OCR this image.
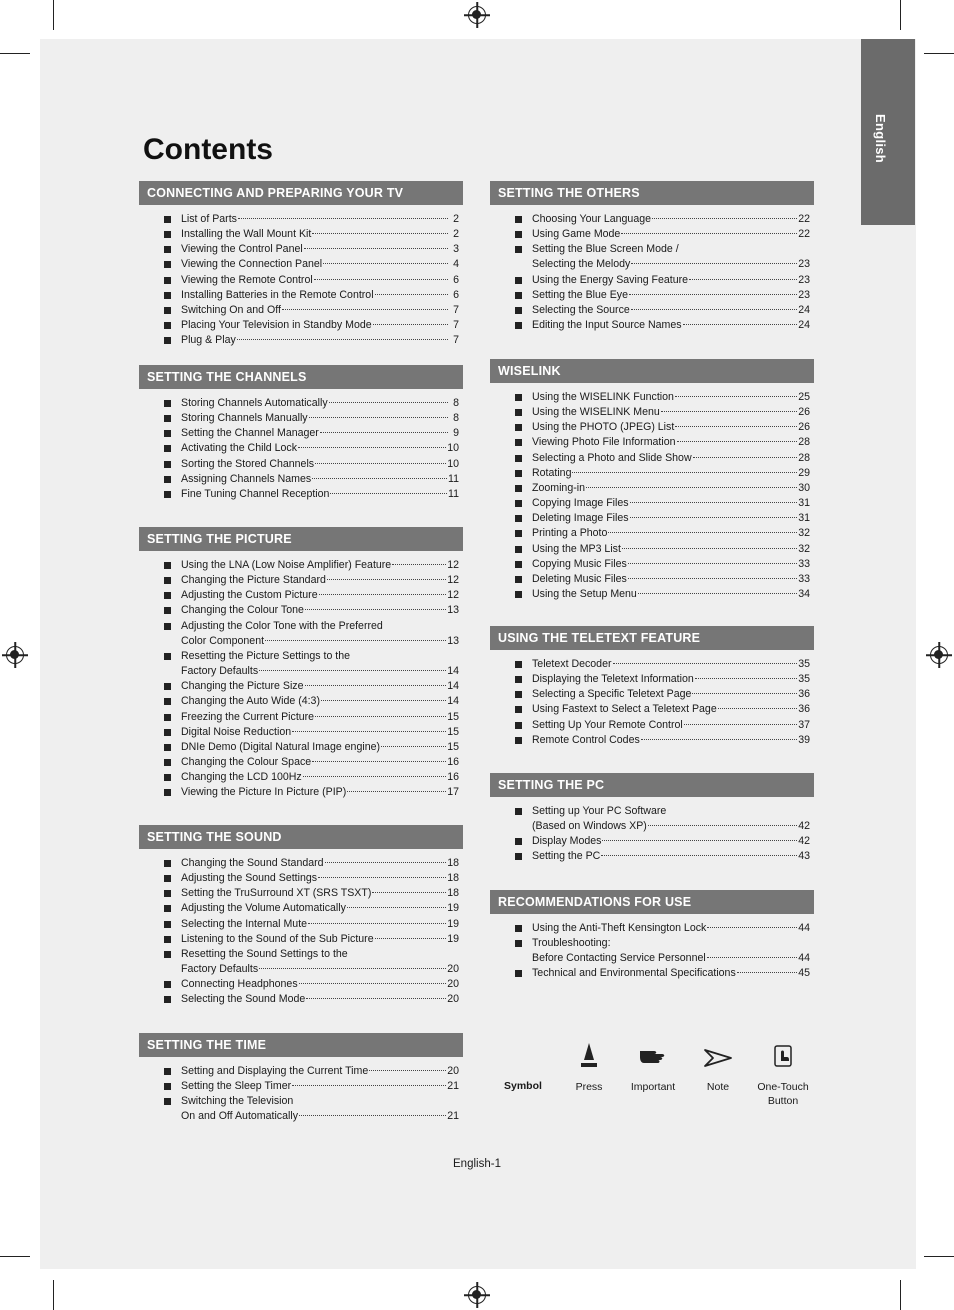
English
Contents
CONNECTING AND PREPARING YOUR TV
List of Parts	2
Installing the Wall Mount Kit	2
Viewing the Control Panel	3
Viewing the Connection Panel	4
Viewing the Remote Control	6
Installing Batteries in the Remote Control	6
Switching On and Off	7
Placing Your Television in Standby Mode	7
Plug & Play	7
SETTING THE CHANNELS
Storing Channels Automatically	8
Storing Channels Manually	8
Setting the Channel Manager	9
Activating the Child Lock	10
Sorting the Stored Channels	10
Assigning Channels Names	11
Fine Tuning Channel Reception	11
SETTING THE PICTURE
Using the LNA (Low Noise Amplifier) Feature	12
Changing the Picture Standard	12
Adjusting the Custom Picture	12
Changing the Colour Tone	13
Adjusting the Color Tone with the Preferred
Color Component	13
Resetting the Picture Settings to the
Factory Defaults	14
Changing the Picture Size	14
Changing the Auto Wide (4:3)	14
Freezing the Current Picture	15
Digital Noise Reduction	15
DNIe Demo (Digital Natural Image engine)	15
Changing the Colour Space	16
Changing the LCD 100Hz	16
Viewing the Picture In Picture (PIP)	17
SETTING THE SOUND
Changing the Sound Standard	18
Adjusting the Sound Settings	18
Setting the TruSurround XT (SRS TSXT)	18
Adjusting the Volume Automatically	19
Selecting the Internal Mute	19
Listening to the Sound of the Sub Picture	19
Resetting the Sound Settings to the
Factory Defaults	20
Connecting Headphones	20
Selecting the Sound Mode	20
SETTING THE TIME
Setting and Displaying the Current Time	20
Setting the Sleep Timer	21
Switching the Television
On and Off Automatically	21
SETTING THE OTHERS
Choosing Your Language	22
Using Game Mode	22
Setting the Blue Screen Mode /
Selecting the Melody	23
Using the Energy Saving Feature	23
Setting the Blue Eye	23
Selecting the Source	24
Editing the Input Source Names	24
WISELINK
Using the WISELINK Function	25
Using the WISELINK Menu	26
Using the PHOTO (JPEG) List	26
Viewing Photo File Information	28
Selecting a Photo and Slide Show	28
Rotating	29
Zooming-in	30
Copying Image Files	31
Deleting Image Files	31
Printing a Photo	32
Using the MP3 List	32
Copying Music Files	33
Deleting Music Files	33
Using the Setup Menu	34
USING THE TELETEXT FEATURE
Teletext Decoder	35
Displaying the Teletext Information	35
Selecting a Specific Teletext Page	36
Using Fastext to Select a Teletext Page	36
Setting Up Your Remote Control	37
Remote Control Codes	39
SETTING THE PC
Setting up Your PC Software
(Based on Windows XP)	42
Display Modes	42
Setting the PC	43
RECOMMENDATIONS FOR USE
Using the Anti-Theft Kensington Lock	44
Troubleshooting:
Before Contacting Service Personnel	44
Technical and Environmental Specifications	45
Symbol	Press	Important	Note	One-Touch Button
English-1
